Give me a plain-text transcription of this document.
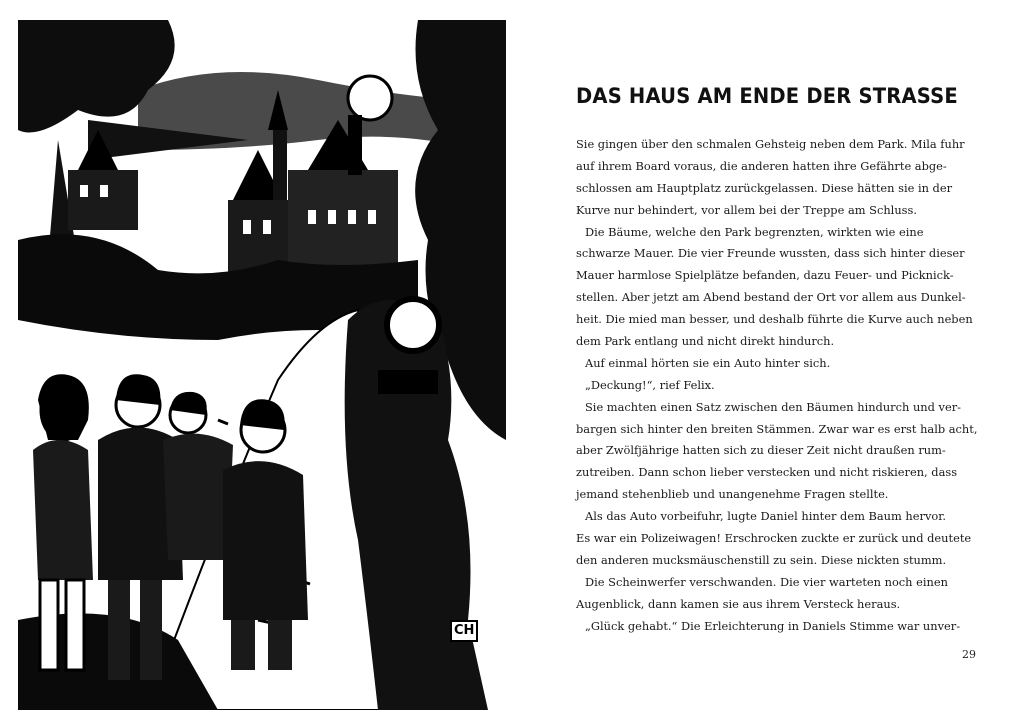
CH
DAS HAUS AM ENDE DER STRASSE
Sie gingen über den schmalen Gehsteig neben dem Park. Mila fuhr
auf ihrem Board voraus, die anderen hatten ihre Gefährte abge-
schlossen am Hauptplatz zurückgelassen. Diese hätten sie in der
Kurve nur behindert, vor allem bei der Treppe am Schluss.
Die Bäume, welche den Park begrenzten, wirkten wie eine
schwarze Mauer. Die vier Freunde wussten, dass sich hinter dieser
Mauer harmlose Spielplätze befanden, dazu Feuer- und Picknick-
stellen. Aber jetzt am Abend bestand der Ort vor allem aus Dunkel-
heit. Die mied man besser, und deshalb führte die Kurve auch neben
dem Park entlang und nicht direkt hindurch.
Auf einmal hörten sie ein Auto hinter sich.
„Deckung!“, rief Felix.
Sie machten einen Satz zwischen den Bäumen hindurch und ver-
bargen sich hinter den breiten Stämmen. Zwar war es erst halb acht,
aber Zwölfjährige hatten sich zu dieser Zeit nicht draußen rum-
zutreiben. Dann schon lieber verstecken und nicht riskieren, dass
jemand stehenblieb und unangenehme Fragen stellte.
Als das Auto vorbeifuhr, lugte Daniel hinter dem Baum hervor.
Es war ein Polizeiwagen! Erschrocken zuckte er zurück und deutete
den anderen mucksmäuschenstill zu sein. Diese nickten stumm.
Die Scheinwerfer verschwanden. Die vier warteten noch einen
Augenblick, dann kamen sie aus ihrem Versteck heraus.
„Glück gehabt.“ Die Erleichterung in Daniels Stimme war unver-
29
